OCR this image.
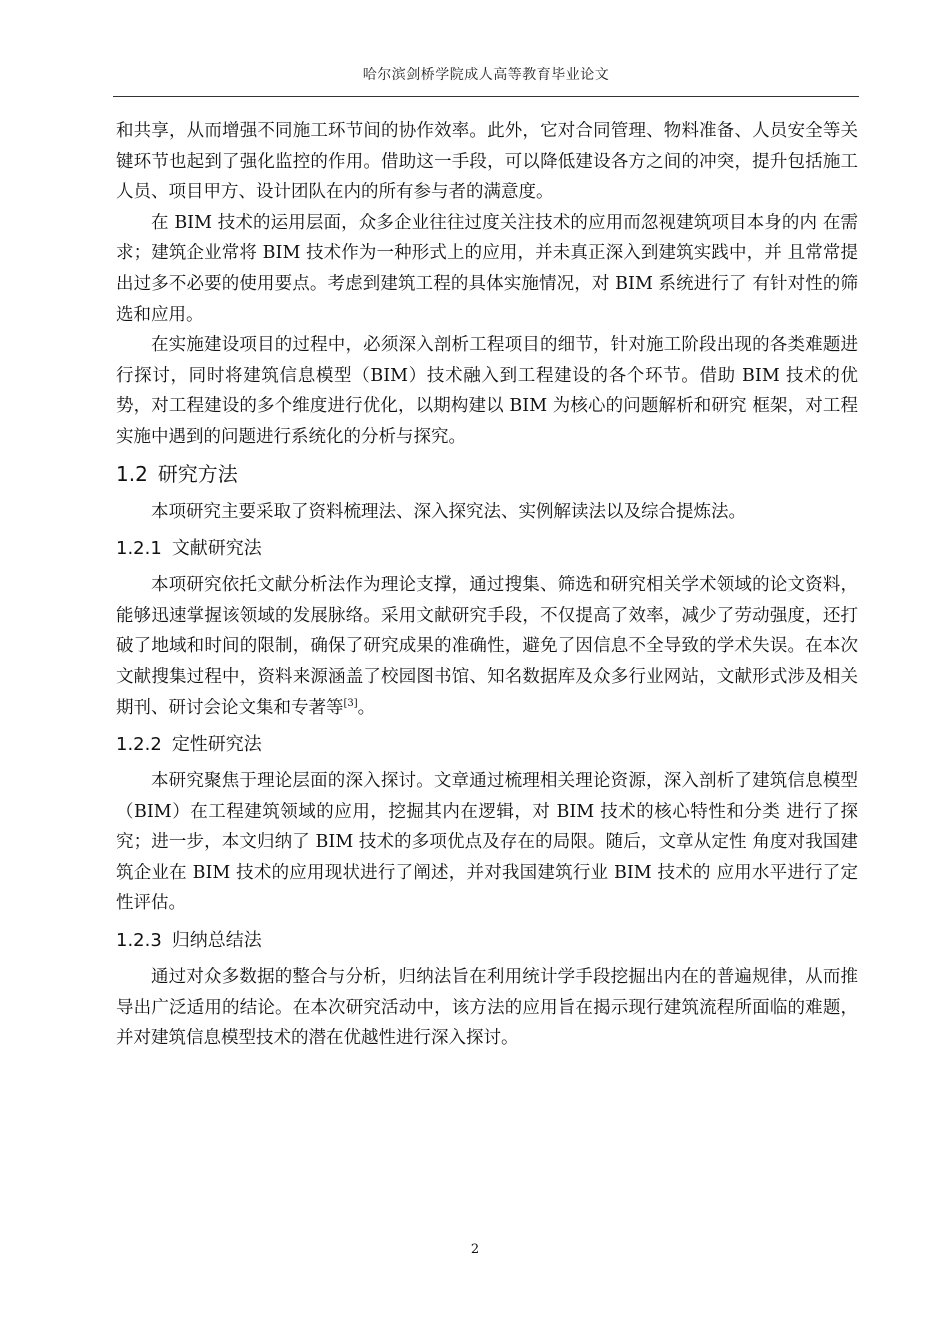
哈尔滨剑桥学院成人高等教育毕业论文

和共享，从而增强不同施工环节间的协作效率。此外，它对合同管理、物料准备、人员安全等关键环节也起到了强化监控的作用。借助这一手段，可以降低建设各方之间的冲突，提升包括施工人员、项目甲方、设计团队在内的所有参与者的满意度。

在 BIM 技术的运用层面，众多企业往往过度关注技术的应用而忽视建筑项目本身的内 在需求；建筑企业常将 BIM 技术作为一种形式上的应用，并未真正深入到建筑实践中，并 且常常提出过多不必要的使用要点。考虑到建筑工程的具体实施情况，对 BIM 系统进行了 有针对性的筛选和应用。

在实施建设项目的过程中，必须深入剖析工程项目的细节，针对施工阶段出现的各类难题进行探讨，同时将建筑信息模型（BIM）技术融入到工程建设的各个环节。借助 BIM 技术的优势，对工程建设的多个维度进行优化，以期构建以 BIM 为核心的问题解析和研究 框架，对工程实施中遇到的问题进行系统化的分析与探究。

1.2 研究方法

本项研究主要采取了资料梳理法、深入探究法、实例解读法以及综合提炼法。

1.2.1 文献研究法

本项研究依托文献分析法作为理论支撑，通过搜集、筛选和研究相关学术领域的论文资料，能够迅速掌握该领域的发展脉络。采用文献研究手段，不仅提高了效率，减少了劳动强度，还打破了地域和时间的限制，确保了研究成果的准确性，避免了因信息不全导致的学术失误。在本次文献搜集过程中，资料来源涵盖了校园图书馆、知名数据库及众多行业网站，文献形式涉及相关期刊、研讨会论文集和专著等[3]。

1.2.2 定性研究法

本研究聚焦于理论层面的深入探讨。文章通过梳理相关理论资源，深入剖析了建筑信息模型（BIM）在工程建筑领域的应用，挖掘其内在逻辑，对 BIM 技术的核心特性和分类 进行了探究；进一步，本文归纳了 BIM 技术的多项优点及存在的局限。随后，文章从定性 角度对我国建筑企业在 BIM 技术的应用现状进行了阐述，并对我国建筑行业 BIM 技术的 应用水平进行了定性评估。

1.2.3 归纳总结法

通过对众多数据的整合与分析，归纳法旨在利用统计学手段挖掘出内在的普遍规律，从而推导出广泛适用的结论。在本次研究活动中，该方法的应用旨在揭示现行建筑流程所面临的难题，并对建筑信息模型技术的潜在优越性进行深入探讨。

2
